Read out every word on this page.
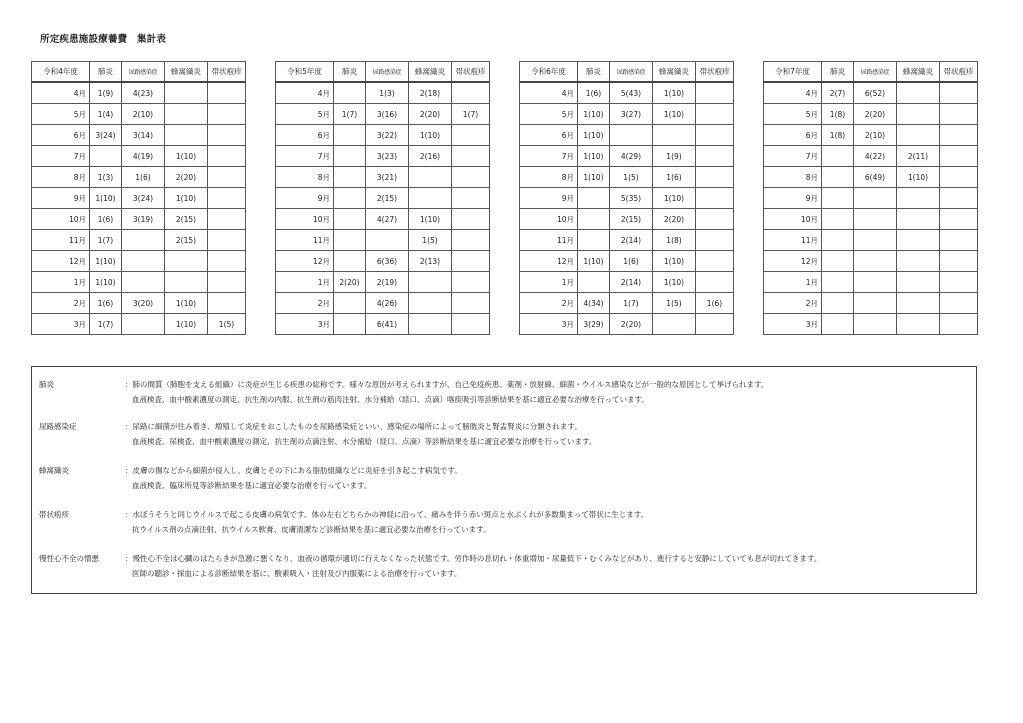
所定疾患施設療養費　集計表
令和4年度	肺炎	尿路感染症	蜂窩織炎	帯状疱疹
4月	1(9)	4(23)		
5月	1(4)	2(10)		
6月	3(24)	3(14)		
7月		4(19)	1(10)	
8月	1(3)	1(6)	2(20)	
9月	1(10)	3(24)	1(10)	
10月	1(6)	3(19)	2(15)	
11月	1(7)		2(15)	
12月	1(10)			
1月	1(10)			
2月	1(6)	3(20)	1(10)	
3月	1(7)		1(10)	1(5)
令和5年度	肺炎	尿路感染症	蜂窩織炎	帯状疱疹
4月		1(3)	2(18)	
5月	1(7)	3(16)	2(20)	1(7)
6月		3(22)	1(10)	
7月		3(23)	2(16)	
8月		3(21)		
9月		2(15)		
10月		4(27)	1(10)	
11月			1(5)	
12月		6(36)	2(13)	
1月	2(20)	2(19)		
2月		4(26)		
3月		6(41)		
令和6年度	肺炎	尿路感染症	蜂窩織炎	帯状疱疹
4月	1(6)	5(43)	1(10)	
5月	1(10)	3(27)	1(10)	
6月	1(10)			
7月	1(10)	4(29)	1(9)	
8月	1(10)	1(5)	1(6)	
9月		5(35)	1(10)	
10月		2(15)	2(20)	
11月		2(14)	1(8)	
12月	1(10)	1(6)	1(10)	
1月		2(14)	1(10)	
2月	4(34)	1(7)	1(5)	1(6)
3月	3(29)	2(20)		
令和7年度	肺炎	尿路感染症	蜂窩織炎	帯状疱疹
4月	2(7)	6(52)		
5月	1(8)	2(20)		
6月	1(8)	2(10)		
7月		4(22)	2(11)	
8月		6(49)	1(10)	
9月				
10月				
11月				
12月				
1月				
2月				
3月				
肺炎	：肺の間質（肺胞を支える組織）に炎症が生じる疾患の総称です。様々な原因が考えられますが、自己免疫疾患、薬剤・放射線、細菌・ウイルス感染などが一般的な原因として挙げられます。
血液検査、血中酸素濃度の測定、抗生剤の内服、抗生剤の筋肉注射、水分補給（経口、点滴）喀痰吸引等診断結果を基に適宜必要な治療を行っています。
尿路感染症	：尿路に細菌が住み着き、増殖して炎症をおこしたものを尿路感染症といい、感染症の場所によって膀胱炎と腎盂腎炎に分類されます。
血液検査、尿検査、血中酸素濃度の測定、抗生剤の点滴注射、水分補給（経口、点滴）等診断結果を基に適宜必要な治療を行っています。
蜂窩織炎	：皮膚の傷などから細菌が侵入し、皮膚とその下にある脂肪組織などに炎症を引き起こす病気です。
血液検査、臨床所見等診断結果を基に適宜必要な治療を行っています。
帯状疱疹	：水ぼうそうと同じウイルスで起こる皮膚の病気です。体の左右どちらかの神経に沿って、痛みを伴う赤い斑点と水ぶくれが多数集まって帯状に生じます。
抗ウイルス剤の点滴注射、抗ウイルス軟膏、皮膚清潔など診断結果を基に適宜必要な治療を行っています。
慢性心不全の憎悪	：慢性心不全は心臓のはたらきが急激に悪くなり、血液の循環が適切に行えなくなった状態です。労作時の息切れ・体重増加・尿量低下・むくみなどがあり、進行すると安静にしていても息が切れてきます。
医師の聴診・採血による診断結果を基に、酸素吸入・注射及び内服薬による治療を行っています。
